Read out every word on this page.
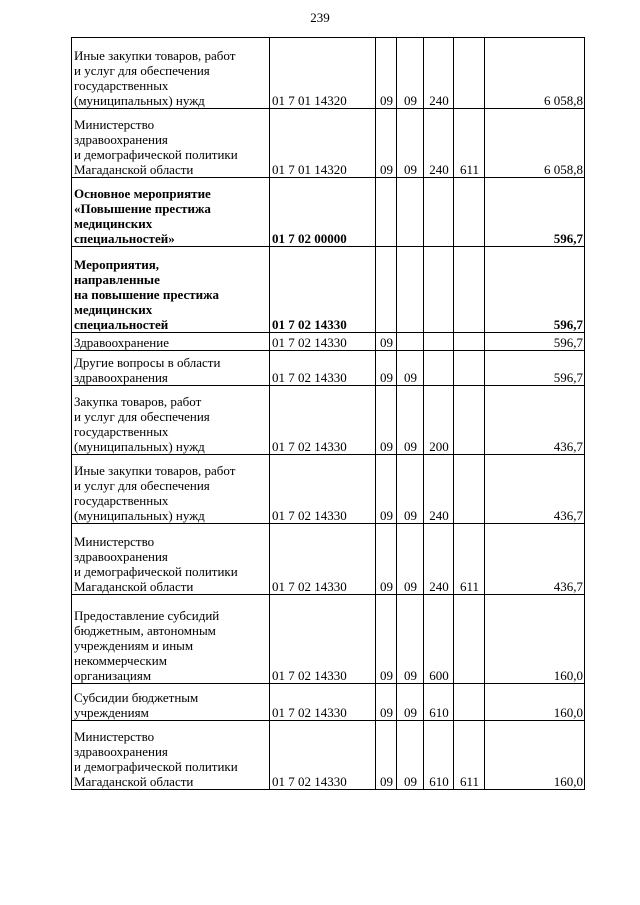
239
Иные закупки товаров, работ
и услуг для обеспечения
государственных
(муниципальных) нужд	01 7 01 14320	09	09	240		6 058,8

Министерство
здравоохранения
и демографической политики
Магаданской области	01 7 01 14320	09	09	240	611	6 058,8

Основное мероприятие
«Повышение престижа
медицинских
специальностей»	01 7 02 00000					596,7

Мероприятия,
направленные
на повышение престижа
медицинских
специальностей	01 7 02 14330					596,7

Здравоохранение	01 7 02 14330	09				596,7

Другие вопросы в области
здравоохранения	01 7 02 14330	09	09			596,7

Закупка товаров, работ
и услуг для обеспечения
государственных
(муниципальных) нужд	01 7 02 14330	09	09	200		436,7

Иные закупки товаров, работ
и услуг для обеспечения
государственных
(муниципальных) нужд	01 7 02 14330	09	09	240		436,7

Министерство
здравоохранения
и демографической политики
Магаданской области	01 7 02 14330	09	09	240	611	436,7

Предоставление субсидий
бюджетным, автономным
учреждениям и иным
некоммерческим
организациям	01 7 02 14330	09	09	600		160,0

Субсидии бюджетным
учреждениям	01 7 02 14330	09	09	610		160,0

Министерство
здравоохранения
и демографической политики
Магаданской области	01 7 02 14330	09	09	610	611	160,0
